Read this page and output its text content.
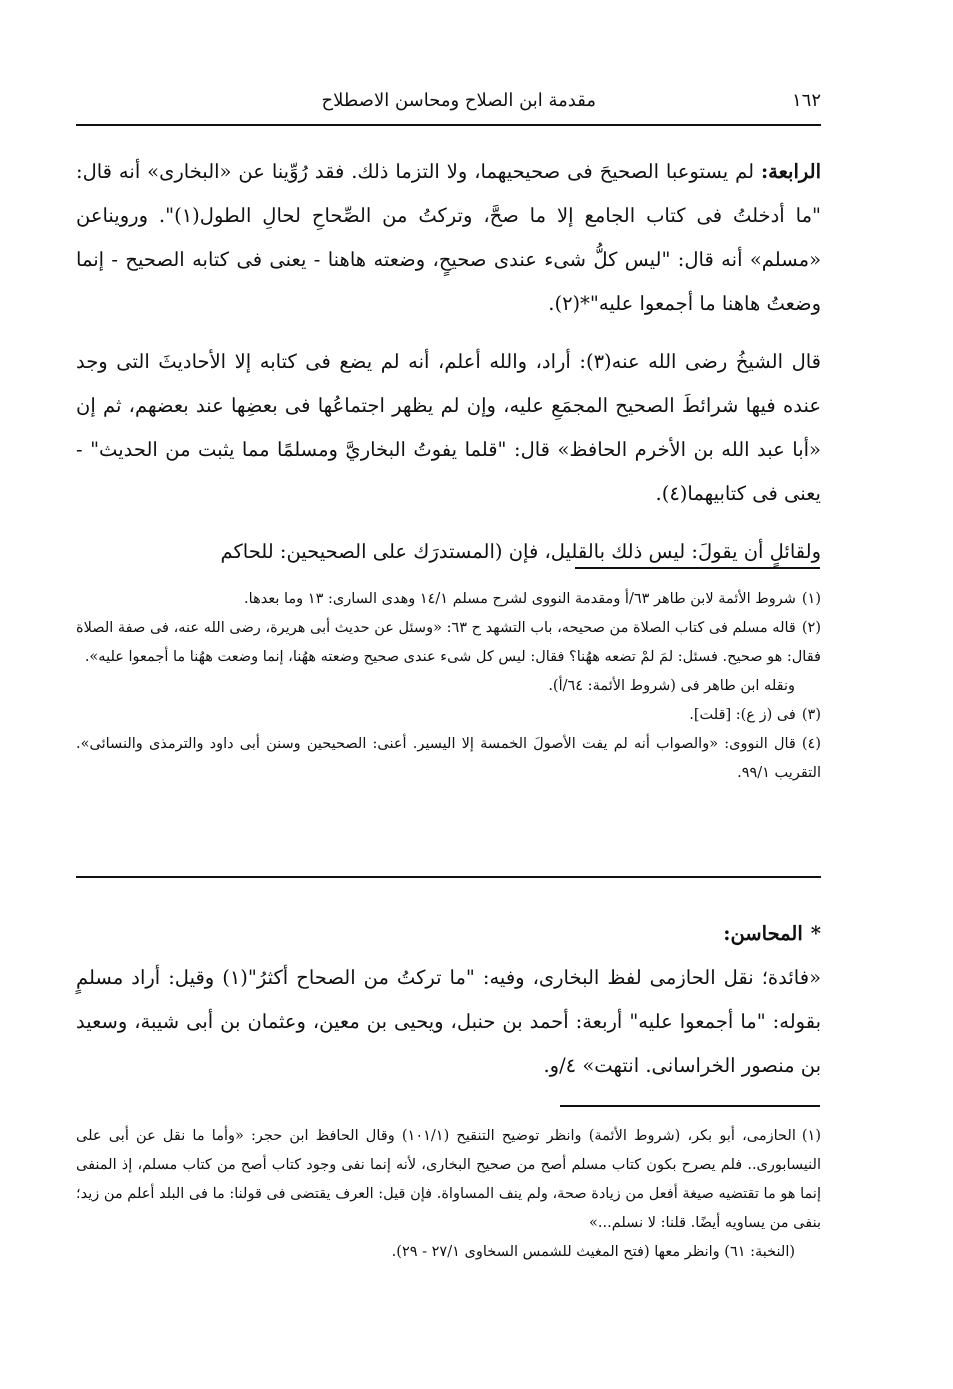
١٦٢
مقدمة ابن الصلاح ومحاسن الاصطلاح

الرابعة: لم يستوعبا الصحيحَ فى صحيحيهما، ولا التزما ذلك. فقد رُوِّينا عن «البخارى» أنه قال: "ما أدخلتُ فى كتاب الجامع إلا ما صحَّ، وتركتُ من الصِّحاحِ لحالِ الطول(١)". ورويناعن «مسلم» أنه قال: "ليس كلُّ شىء عندى صحيحٍ، وضعته هاهنا - يعنى فى كتابه الصحيح - إنما وضعتُ هاهنا ما أجمعوا عليه"*(٢).

قال الشيخُ رضى الله عنه(٣): أراد، والله أعلم، أنه لم يضع فى كتابه إلا الأحاديثَ التى وجد عنده فيها شرائطَ الصحيح المجمَعِ عليه، وإن لم يظهر اجتماعُها فى بعضِها عند بعضهم، ثم إن «أبا عبد الله بن الأخرم الحافظ» قال: "قلما يفوتُ البخاريَّ ومسلمًا مما يثبت من الحديث" - يعنى فى كتابيهما(٤).

ولقائلٍ أن يقولَ: ليس ذلك بالقليل، فإن (المستدرَك على الصحيحين: للحاكم

(١)شروط الأئمة لابن طاهر ٦٣/أ ومقدمة النووى لشرح مسلم ١٤/١ وهدى السارى: ١٣ وما بعدها.

(٢)قاله مسلم فى كتاب الصلاة من صحيحه، باب التشهد ح ٦٣: «وسئل عن حديث أبى هريرة، رضى الله عنه، فى صفة الصلاة فقال: هو صحيح. فسئل: لمَ لمْ تضعه ههُنا؟ فقال: ليس كل شىء عندى صحيح وضعته ههُنا، إنما وضعت ههُنا ما أجمعوا عليه».

ونقله ابن طاهر فى (شروط الأئمة: ٦٤/أ).

(٣)فى (ز ع): [قلت].

(٤)قال النووى: «والصواب أنه لم يفت الأصولَ الخمسة إلا اليسير. أعنى: الصحيحين وسنن أبى داود والترمذى والنسائى». التقريب ٩٩/١.

*المحاسن:

«فائدة؛ نقل الحازمى لفظ البخارى، وفيه: "ما تركتُ من الصحاح أكثرُ"(١) وقيل: أراد مسلمٍ بقوله: "ما أجمعوا عليه" أربعة: أحمد بن حنبل، ويحيى بن معين، وعثمان بن أبى شيبة، وسعيد بن منصور الخراسانى. انتهت» ٤/و.

(١)الحازمى، أبو بكر، (شروط الأئمة) وانظر توضيح التنقيح (١٠١/١) وقال الحافظ ابن حجر: «وأما ما نقل عن أبى على النيسابورى.. فلم يصرح بكون كتاب مسلم أصح من صحيح البخارى، لأنه إنما نفى وجود كتاب أصح من كتاب مسلم، إذ المنفى إنما هو ما تقتضيه صيغة أفعل من زيادة صحة، ولم ينف المساواة. فإن قيل: العرف يقتضى فى قولنا: ما فى البلد أعلم من زيد؛ بنفى من يساويه أيضًا. قلنا: لا نسلم...»

(النخبة: ٦١) وانظر معها (فتح المغيث للشمس السخاوى ٢٧/١ - ٢٩).
